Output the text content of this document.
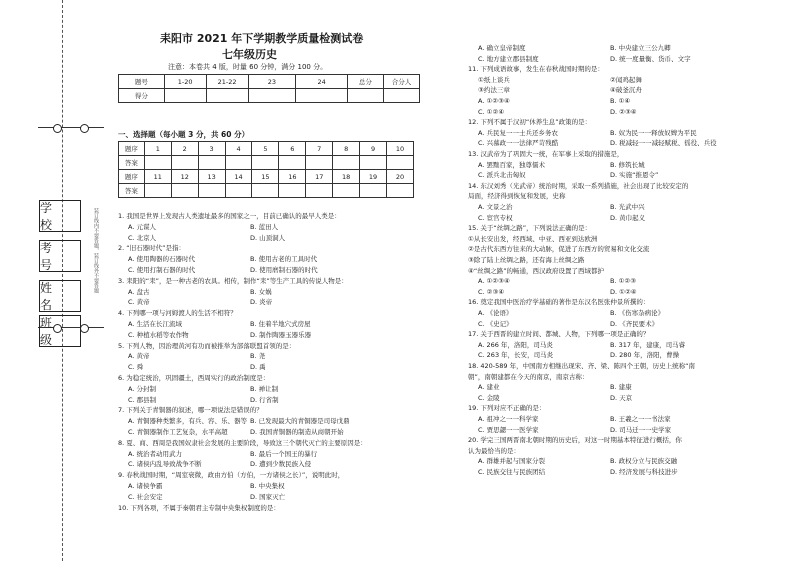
学 校
考 号
姓 名
班 级
装订线内不要答题，装订线外不要答题
耒阳市 2021 年下学期教学质量检测试卷
七年级历史
注意：本卷共 4 版，时量 60 分钟，满分 100 分。
题号	1-20	21-22	23	24	总分	合分人
得分						
一、选择题（每小题 3 分，共 60 分）
题序	1	2	3	4	5	6	7	8	9	10
答案										
题序	11	12	13	14	15	16	17	18	19	20
答案										
1. 我国是世界上发现古人类遗址最多的国家之一，目前已确认的最早人类是：
A. 元谋人	B. 蓝田人
C. 北京人	D. 山顶洞人
2. “旧石器时代”是指：
A. 使用陶器的石器时代	B. 使用古老的工具时代
C. 使用打制石器的时代	D. 使用磨制石器的时代
3. 耒阳的“耒”，是一种古老的农具。相传，制作“耒”等生产工具的传说人物是：
A. 盘古	B. 女娲
C. 黄帝	D. 炎帝
4. 下列哪一项与河姆渡人的生活不相符？
A. 生活在长江流域	B. 住着半地穴式房屋
C. 种植水稻等农作物	D. 制作陶器玉器乐器
5. 下列人物，因治理黄河有功而被推举为部落联盟首领的是：
A. 黄帝	B. 尧
C. 舜	D. 禹
6. 为稳定统治，巩固疆土，西周实行的政治制度是：
A. 分封制	B. 禅让制
C. 郡县制	D. 行省制
7. 下列关于青铜器的叙述，哪一项说法是错误的？
A. 青铜器种类繁多，有兵、容、乐、器等 B. 已发现最大的青铜器是司母戊鼎
C. 青铜器制作工艺复杂，水平高超	D. 我国青铜器的制造从商朝开始
8. 夏、商、西周是我国奴隶社会发展的主要阶段，导致这三个朝代灭亡的主要原因是：
A. 统治者动用武力	B. 最后一个国王的暴行
C. 诸侯内乱导致战争不断	D. 遭到少数民族入侵
9. 春秋战国时期，“周室衰微，政由方伯（方伯，一方诸侯之长）”，说明此时，
A. 诸侯争霸	B. 中央集权
C. 社会安定	D. 国家灭亡
10. 下列各项，不属于秦朝君主专制中央集权制度的是：
A. 确立皇帝制度	B. 中央建立三公九卿
C. 地方建立郡县制度	D. 统一度量衡、货币、文字
11. 下列成语故事，发生在春秋战国时期的是：
①纸上谈兵	②闻鸡起舞
③约法三章	④破釜沉舟
A. ①②③④	B. ①④
C. ①②④	D. ②③④
12. 下列不属于汉初“休养生息”政策的是：
A. 兵民复一一士兵还乡务农	B. 奴为民一一释放奴婢为平民
C. 兴慕政一一法律严苛残酷	D. 税减轻一一减轻赋税、徭役、兵役
13. 汉武帝为了巩固大一统，在军事上采取的措施是，
A. 罢黜百家，独尊儒术	B. 修筑长城
C. 派兵北击匈奴	D. 实施“推恩令”
14. 东汉刘秀（光武帝）统治时期，采取一系列措施，社会出现了比较安定的
局面，经济得到恢复和发展，史称
A. 文景之治	B. 光武中兴
C. 宦官专权	D. 黄巾起义
15. 关于“丝绸之路”，下列说法正确的是：
①从长安出发，经西域、中亚、西亚到达欧洲
②是古代东西方往来的大动脉，促进了东西方的贸易和文化交流
③除了陆上丝绸之路，还有海上丝绸之路
④“丝绸之路”的畅通，西汉政府设置了西域都护
A. ①②③④	B. ①②③
C. ②③④	D. ①②④
16. 奠定我国中医治疗学基础的著作是东汉名医张仲景所撰的：
A. 《论语》	B. 《伤寒杂病论》
C. 《史记》	D. 《齐民要术》
17. 关于西晋的建立时间、都城、人物，下列哪一项是正确的？
A. 266 年，洛阳，司马炎	B. 317 年，建康，司马睿
C. 263 年，长安，司马炎	D. 280 年，洛阳，曹操
18. 420-589 年，中国南方相继出现宋、齐、梁、陈四个王朝，历史上统称“南
朝”，南朝建都在今天的南京，南京古称：
A. 建业	B. 建康
C. 金陵	D. 天京
19. 下列对应不正确的是：
A. 祖冲之一一科学家	B. 王羲之一一书法家
C. 贾思勰一一医学家	D. 司马迁一一史学家
20. 学完三国两晋南北朝时期的历史后，对这一时期基本特征进行概括，你
认为最恰当的是：
A. 群雄并起与国家分裂	B. 政权分立与民族交融
C. 民族交往与民族团结	D. 经济发展与科技进步
